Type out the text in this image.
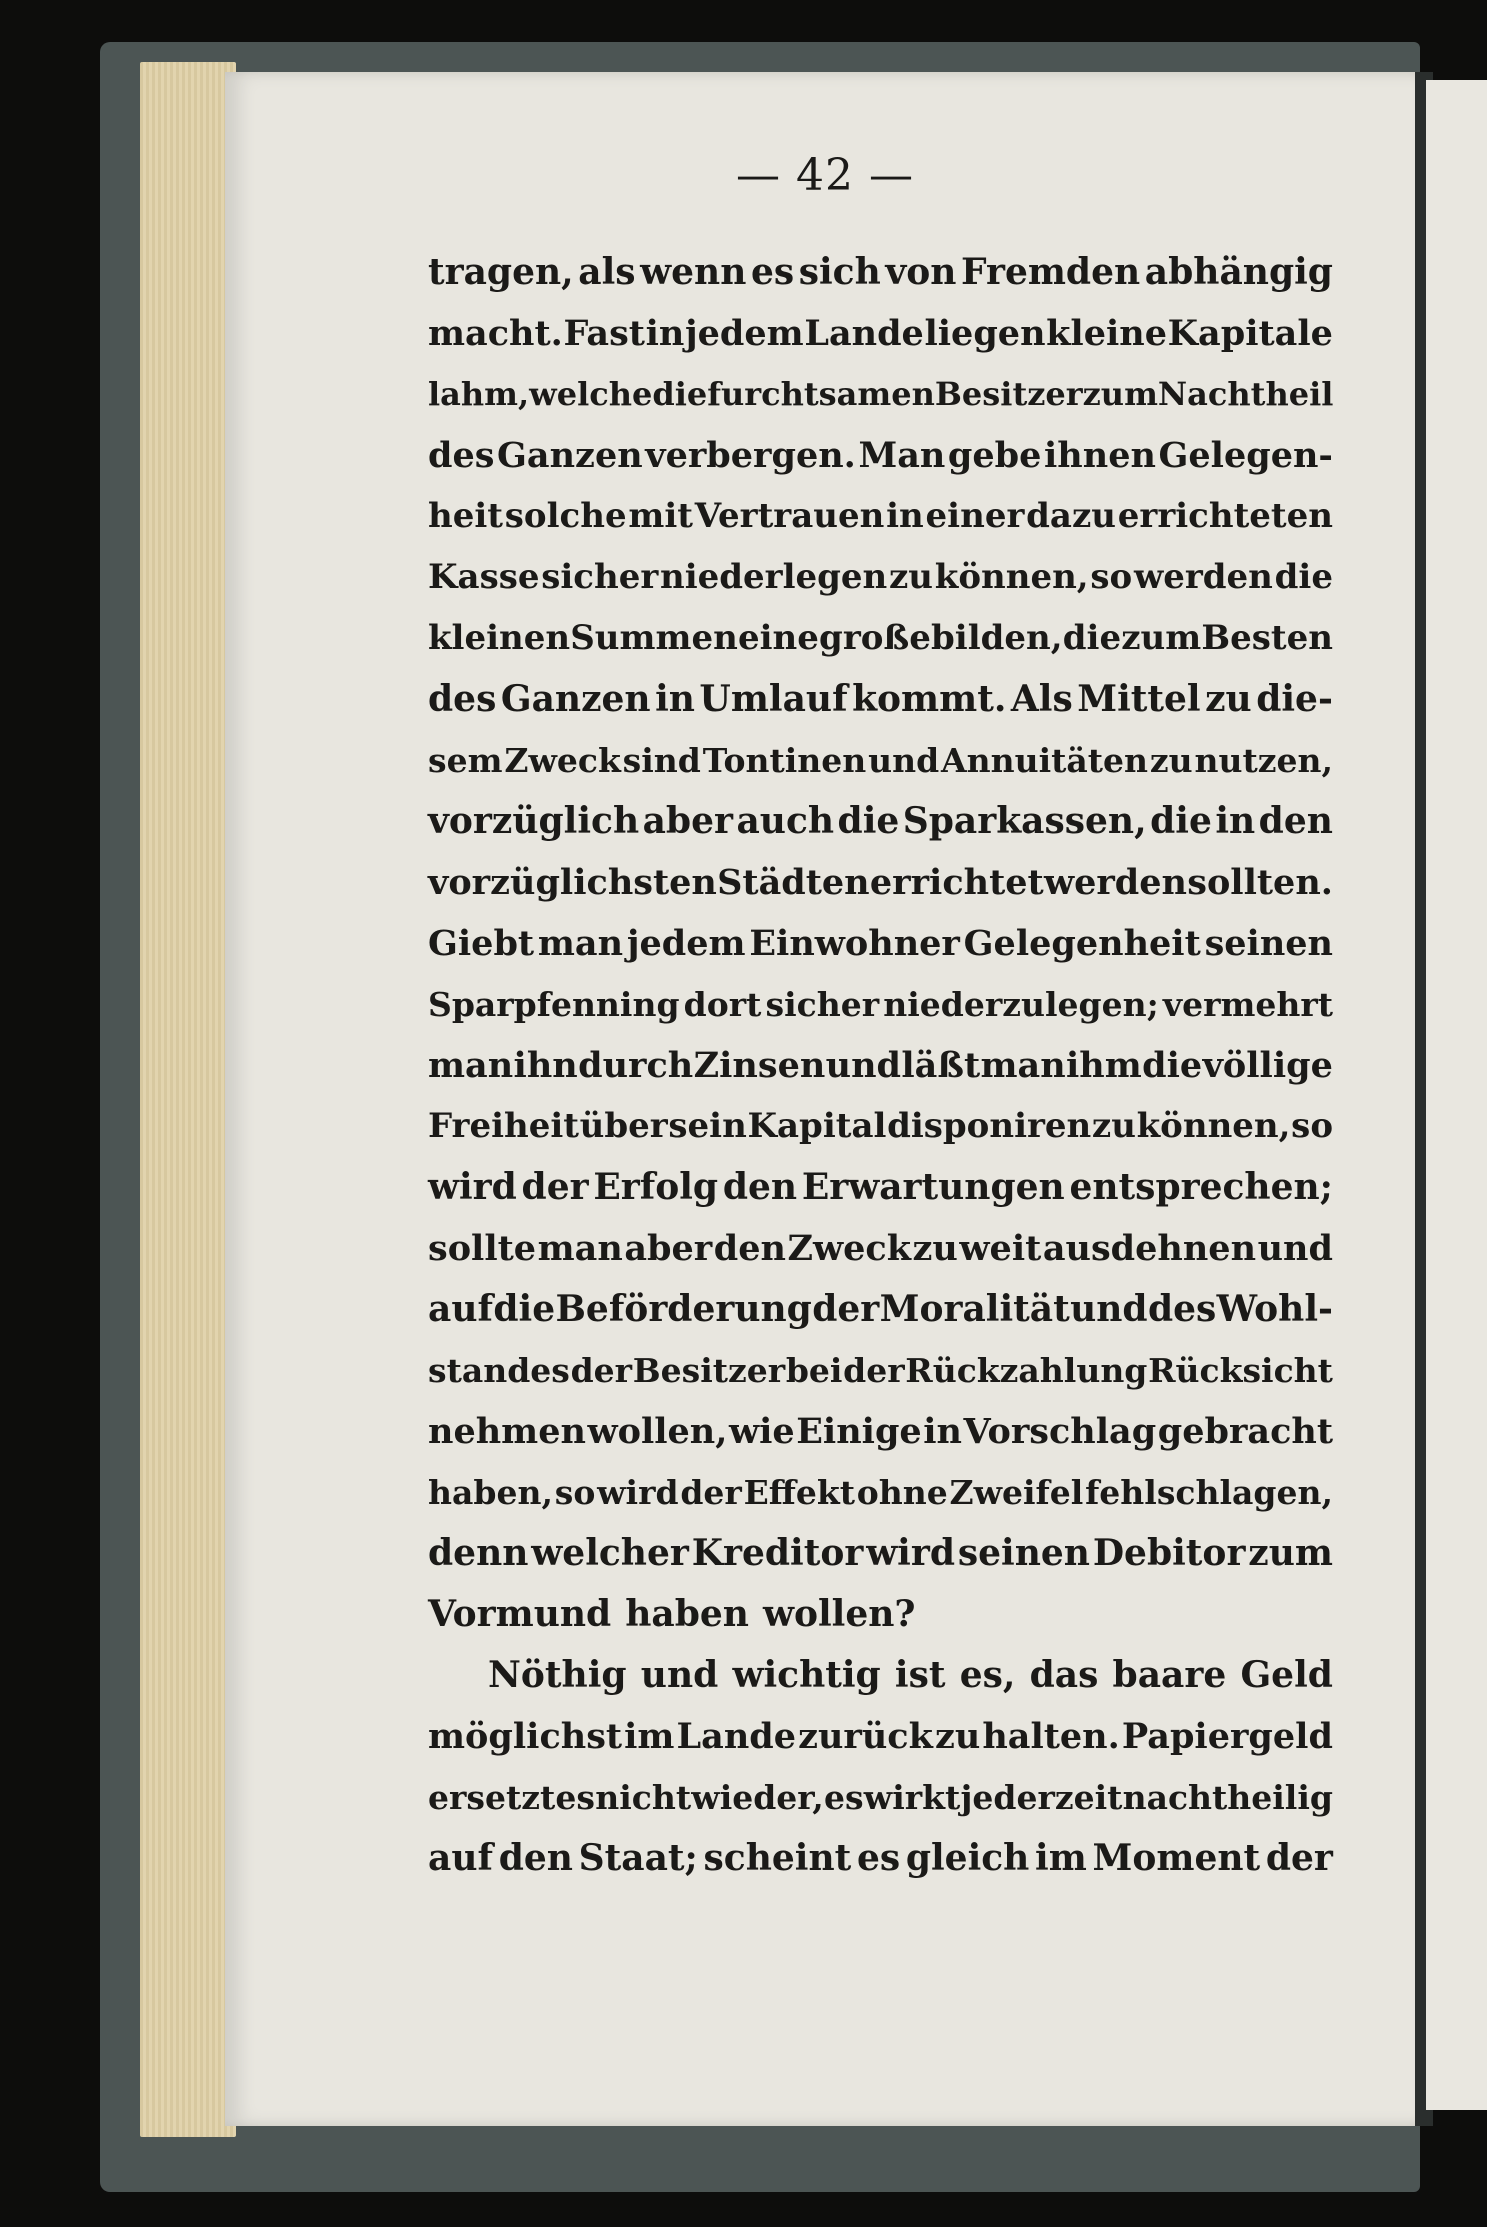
— 42 —
tragen, als wenn es sich von Fremden abhängig
macht. Fast in jedem Lande liegen kleine Kapitale
lahm, welche die furchtsamen Besitzer zum Nachtheil
des Ganzen verbergen. Man gebe ihnen Gelegen-
heit solche mit Vertrauen in einer dazu errichteten
Kasse sicher niederlegen zu können, so werden die
kleinen Summen eine große bilden, die zum Besten
des Ganzen in Umlauf kommt. Als Mittel zu die-
sem Zweck sind Tontinen und Annuitäten zu nutzen,
vorzüglich aber auch die Sparkassen, die in den
vorzüglichsten Städten errichtet werden sollten.
Giebt man jedem Einwohner Gelegenheit seinen
Sparpfenning dort sicher niederzulegen; vermehrt
man ihn durch Zinsen und läßt man ihm die völlige
Freiheit über sein Kapital disponiren zu können, so
wird der Erfolg den Erwartungen entsprechen;
sollte man aber den Zweck zu weit ausdehnen und
auf die Beförderung der Moralität und des Wohl-
standes der Besitzer bei der Rückzahlung Rücksicht
nehmen wollen, wie Einige in Vorschlag gebracht
haben, so wird der Effekt ohne Zweifel fehlschlagen,
denn welcher Kreditor wird seinen Debitor zum
Vormund haben wollen?
Nöthig und wichtig ist es, das baare Geld
möglichst im Lande zurück zu halten. Papiergeld
ersetzt es nicht wieder, es wirkt jederzeit nachtheilig
auf den Staat; scheint es gleich im Moment der
